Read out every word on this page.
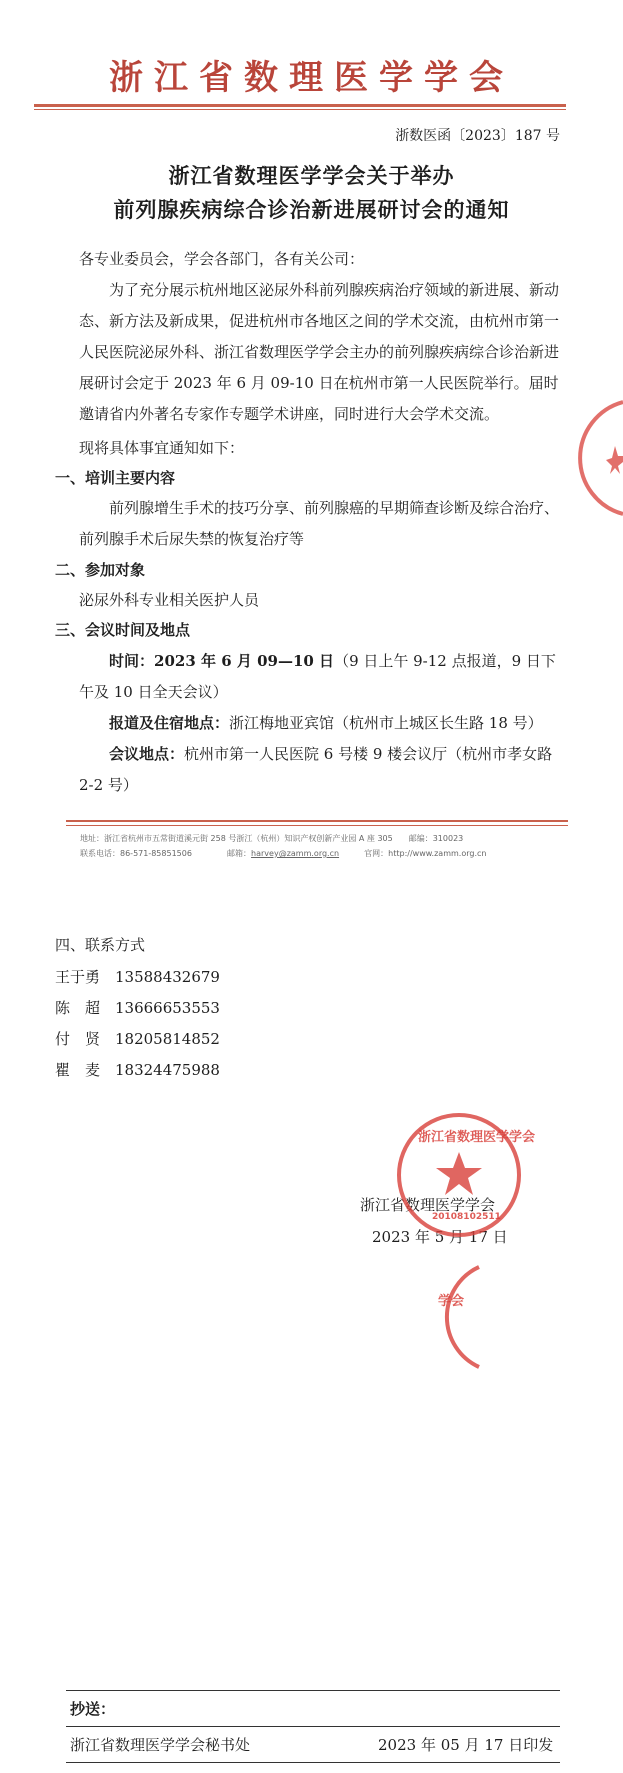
浙江省数理医学学会
浙数医函〔2023〕187 号
浙江省数理医学学会关于举办
前列腺疾病综合诊治新进展研讨会的通知
各专业委员会，学会各部门，各有关公司：
为了充分展示杭州地区泌尿外科前列腺疾病治疗领域的新进展、新动态、新方法及新成果，促进杭州市各地区之间的学术交流，由杭州市第一人民医院泌尿外科、浙江省数理医学学会主办的前列腺疾病综合诊治新进展研讨会定于 2023 年 6 月 09-10 日在杭州市第一人民医院举行。届时邀请省内外著名专家作专题学术讲座，同时进行大会学术交流。
现将具体事宜通知如下：
一、培训主要内容
前列腺增生手术的技巧分享、前列腺癌的早期筛查诊断及综合治疗、前列腺手术后尿失禁的恢复治疗等
二、参加对象
泌尿外科专业相关医护人员
三、会议时间及地点
时间：2023 年 6 月 09—10 日（9 日上午 9-12 点报道，9 日下午及 10 日全天会议）
报道及住宿地点：浙江梅地亚宾馆（杭州市上城区长生路 18 号）
会议地点：杭州市第一人民医院 6 号楼 9 楼会议厅（杭州市孝女路 2-2 号）
地址：浙江省杭州市五常街道溪元街 258 号浙江（杭州）知识产权创新产业园 A 座 305　　邮编：310023
联系电话：86-571-85851506	邮箱：harvey@zamm.org.cn	官网：http://www.zamm.org.cn
四、联系方式
王于勇 13588432679
陈　超 13666653553
付　贤 18205814852
瞿　麦 18324475988
浙江省数理医学学会
2023 年 5 月 17 日
浙江省数理医学学会
20108102511
学会
抄送：
浙江省数理医学学会秘书处	2023 年 05 月 17 日印发
